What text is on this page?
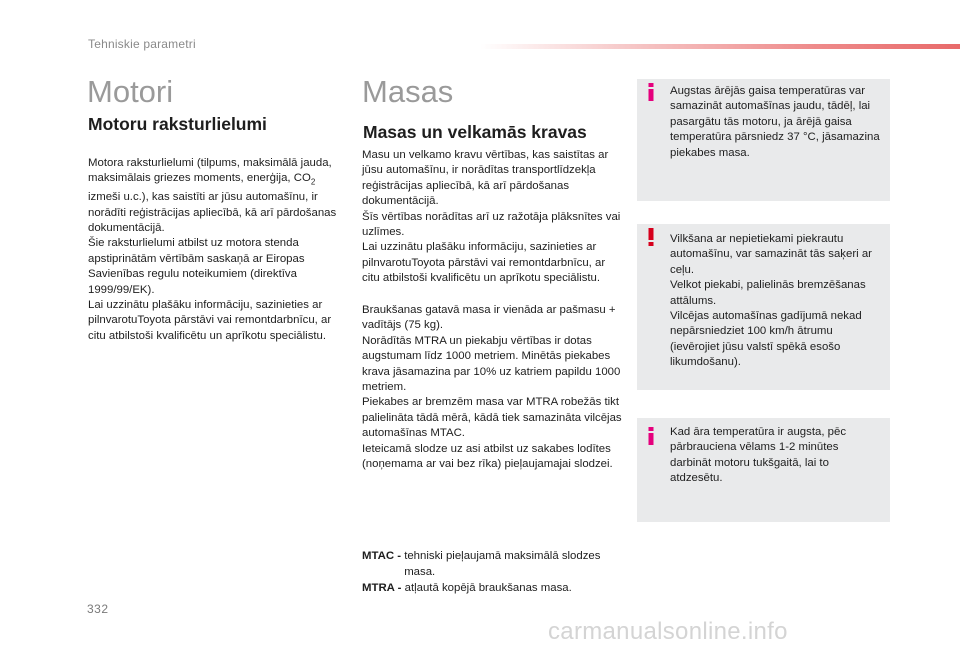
Tehniskie parametri
Motori
Motoru raksturlielumi

Motora raksturlielumi (tilpums, maksimālā jauda, maksimālais griezes moments, enerģija, $CO_2$ izmeši u.c.), kas saistīti ar jūsu automašīnu, ir norādīti reģistrācijas apliecībā, kā arī pārdošanas dokumentācijā.

Šie raksturlielumi atbilst uz motora stenda apstiprinātām vērtībām saskaņā ar Eiropas Savienības regulu noteikumiem (direktīva 1999/99/EK).

Lai uzzinātu plašāku informāciju, sazinieties ar pilnvarotuToyota pārstāvi vai remontdarbnīcu, ar citu atbilstoši kvalificētu un aprīkotu speciālistu.

Masas
Masas un velkamās kravas

Masu un velkamo kravu vērtības, kas saistītas ar jūsu automašīnu, ir norādītas transportlīdzekļa reģistrācijas apliecībā, kā arī pārdošanas dokumentācijā.

Šīs vērtības norādītas arī uz ražotāja plāksnītes vai uzlīmes.

Lai uzzinātu plašāku informāciju, sazinieties ar pilnvarotuToyota pārstāvi vai remontdarbnīcu, ar citu atbilstoši kvalificētu un aprīkotu speciālistu.

Braukšanas gatavā masa ir vienāda ar pašmasu + vadītājs (75 kg).

Norādītās MTRA un piekabju vērtības ir dotas augstumam līdz 1000 metriem. Minētās piekabes krava jāsamazina par 10% uz katriem papildu 1000 metriem.

Piekabes ar bremzēm masa var MTRA robežās tikt palielināta tādā mērā, kādā tiek samazināta vilcējas automašīnas MTAC.

Ieteicamā slodze uz asi atbilst uz sakabes lodītes (noņemama ar vai bez rīka) pieļaujamajai slodzei.

MTAC - tehniski pieļaujamā maksimālā slodzes masa.
MTRA - atļautā kopējā braukšanas masa.

Augstas ārējās gaisa temperatūras var samazināt automašīnas jaudu, tādēļ, lai pasargātu tās motoru, ja ārējā gaisa temperatūra pārsniedz 37 °C, jāsamazina piekabes masa.

Vilkšana ar nepietiekami piekrautu automašīnu, var samazināt tās saķeri ar ceļu.

Velkot piekabi, palielinās bremzēšanas attālums.

Vilcējas automašīnas gadījumā nekad nepārsniedziet 100 km/h ātrumu (ievērojiet jūsu valstī spēkā esošo likumdošanu).

Kad āra temperatūra ir augsta, pēc pārbrauciena vēlams 1-2 minūtes darbināt motoru tukšgaitā, lai to atdzesētu.

332
carmanualsonline.info
